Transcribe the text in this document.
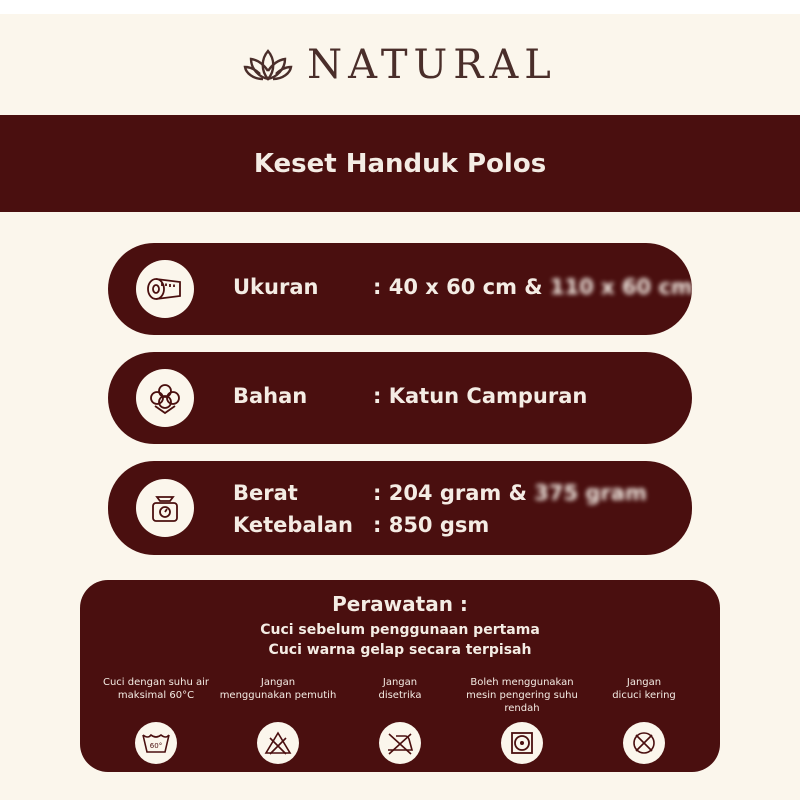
NATURAL
Keset Handuk Polos
Ukuran	: 40 x 60 cm & 110 x 60 cm
Bahan	: Katun Campuran
Berat	: 204 gram & 375 gram
Ketebalan : 850 gsm
Perawatan :
Cuci sebelum penggunaan pertama
Cuci warna gelap secara terpisah
Cuci dengan suhu air
maksimal 60°C
60°
Jangan
menggunakan pemutih
Jangan
disetrika
Boleh menggunakan
mesin pengering suhu rendah
Jangan
dicuci kering
